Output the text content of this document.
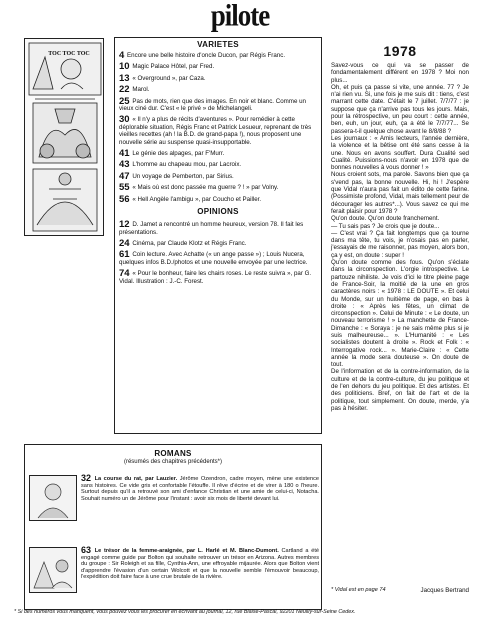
pilote
TOC TOC TOC
VARIETES
4 Encore une belle histoire d'oncle Ducon, par Régis Franc.
10 Magic Palace Hôtel, par Fred.
13 « Overground », par Caza.
22 Marol.
25 Pas de mots, rien que des images. En noir et blanc. Comme un vieux ciné dur. C'est « le privé » de Michelangeli.
30 « Il n'y a plus de récits d'aventures ». Pour remédier à cette déplorable situation, Régis Franc et Patrick Lesueur, reprenant de très vieilles recettes (ah ! la B.D. de grand-papa !), nous proposent une nouvelle série au suspense quasi-insupportable.
41 Le génie des alpages, par F'Murr.
43 L'homme au chapeau mou, par Lacroix.
47 Un voyage de Pemberton, par Sirius.
55 « Mais où est donc passée ma guerre ? ! » par Volny.
56 « Hell Angèle l'ambigu », par Coucho et Pailler.
OPINIONS
12 D. Jamet a rencontré un homme heureux, version 78. Il fait les présentations.
24 Cinéma, par Claude Klotz et Régis Franc.
61 Coin lecture. Avec Achatte (« un ange passe ») ; Louis Nucera, quelques infos B.D./photos et une nouvelle envoyée par une lectrice.
74 « Pour le bonheur, faire les chairs roses. Le reste suivra », par G. Vidal. Illustration : J.-C. Forest.
ROMANS
(résumés des chapitres précédents*)
32 La course du rat, par Lauzier. Jérôme Ozendron, cadre moyen, mène une existence sans histoires. Ce vide gris et confortable l'étouffe. Il rêve d'écrire et de virer à 180 o l'heure. Surtout depuis qu'il a retrouvé son ami d'enfance Christian et une amie de celui-ci, Notacha. Souhait numéro un de Jérôme pour l'instant : avoir six mois de liberté devant lui.
63 Le trésor de la femme-araignée, par L. Harlé et M. Blanc-Dumont. Cartland a été engagé comme guide par Bolton qui souhaite retrouver un trésor en Arizona. Autres membres du groupe : Sir Roleigh et sa fille, Cynthia-Ann, une effroyable mijaurée. Alors que Bolton vient d'apprendre l'évasion d'un certain Wolcott et que la nouvelle semble l'émouvoir beaucoup, l'expédition doit faire face à une crue brutale de la rivière.
1978

Savez-vous ce qui va se passer de fondamentalement différent en 1978 ? Moi non plus...

Oh, et puis ça passe si vite, une année. 77 ? Je n'ai rien vu. Si, une fois je me suis dit : tiens, c'est marrant cette date. C'était le 7 juillet. 7/7/77 : je suppose que ça n'arrive pas tous les jours. Mais, pour la rétrospective, un peu court : cette année, ben, euh, un jour, euh, ça a été le 7/7/77... Se passera-t-il quelque chose avant le 8/8/88 ?

Les journaux : « Amis lecteurs, l'année dernière, la violence et la bêtise ont été sans cesse à la une. Nous en avons souffert. Dura Cualité sed Cualité. Puissions-nous n'avoir en 1978 que de bonnes nouvelles à vous donner ! »

Nous croient sots, ma parole. Savons bien que ça s'vend pas, la bonne nouvelle. Hi, hi ! J'espère que Vidal n'aura pas fait un édito de cette farine. (Possimiste profond, Vidal, mais tellement peur de décourager les autres*...). Vous savez ce qui me ferait plaisir pour 1978 ?

Qu'on doute. Qu'on doute franchement.

— Tu sais pas ? Je crois que je doute...

— C'est vrai ? Ça fait longtemps que ça tourne dans ma tête, tu vois, je n'osais pas en parler, j'essayais de me raisonner, pas moyen, alors bon, ça y est, on doute : super !

Qu'on doute comme des fous. Qu'on s'éclate dans la circonspection. L'orgie introspective. Le partouze nihiliste. Je vois d'ici le titre pleine page de France-Soir, la moitié de la une en gros caractères noirs : « 1978 : LE DOUTE ». Et celui du Monde, sur un huitième de page, en bas à droite : « Après les fêtes, un climat de circonspection ». Celui de Minute : « Le doute, un nouveau terrorisme ! » La manchette de France-Dimanche : « Soraya : je ne sais même plus si je suis malheureuse... ». L'Humanité : « Les socialistes doutent à droite ». Rock et Folk : « Interrogative rock... ». Marie-Claire : « Cette année la mode sera douteuse ». On doute de tout.

De l'information et de la contre-information, de la culture et de la contre-culture, du jeu politique et de l'en dehors du jeu politique. Et des artistes. Et des politiciens. Bref, on fait de l'art et de la politique, tout simplement. On doute, merde, y'a pas à hésiter.

* Vidal est en page 74	Jacques Bertrand
* Si des numéros vous manquent, vous pouvez vous les procurer en écrivant au journal, 12, rue Blaise-Pascal, 92201 Neuilly-sur-Seine Cedex.
